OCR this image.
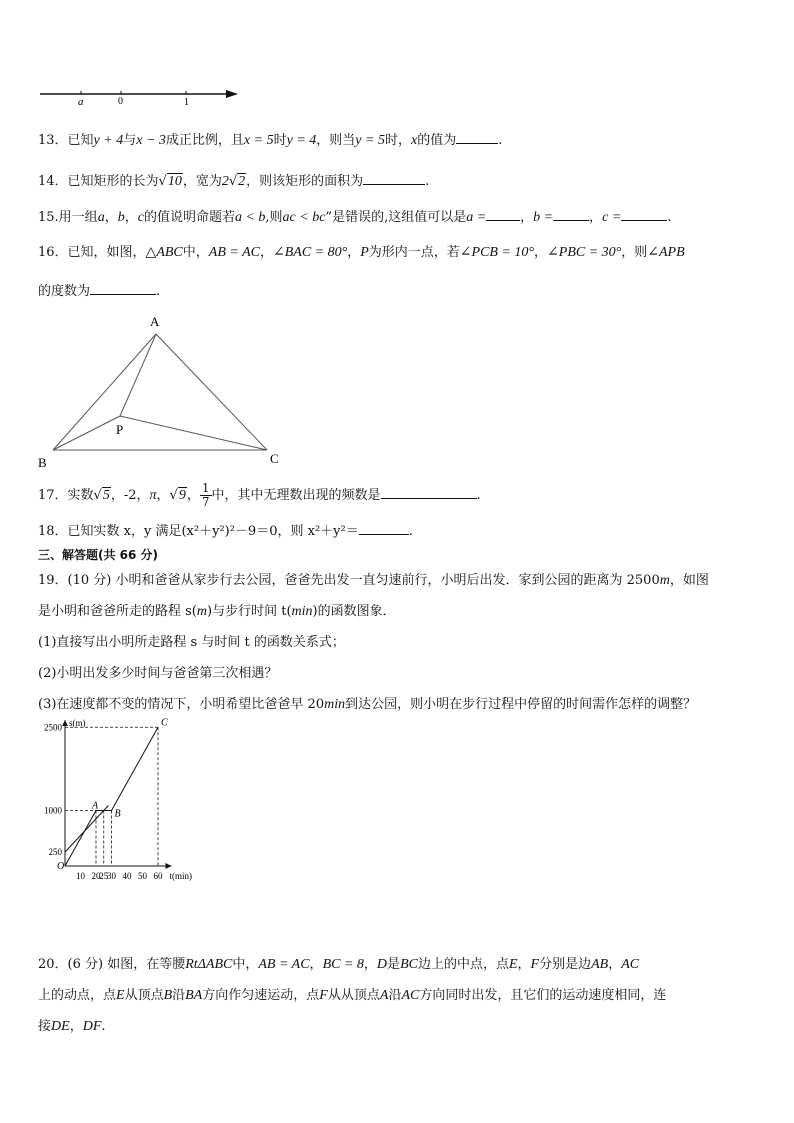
a	0	1
13．已知y + 4与x − 3成正比例，且x = 5时y = 4，则当y = 5时，x的值为	.
14．已知矩形的长为√10，宽为2√2，则该矩形的面积为	.
15.用一组a，b，c的值说明命题若a < b,则ac < bc”是错误的,这组值可以是a =	，b =	，c =	.
16．已知，如图，△ABC中，AB = AC，∠BAC = 80°，P为形内一点，若∠PCB = 10°，∠PBC = 30°，则∠APB
的度数为	.
A
B	C
P
17．实数√5，-2，π，√9， $\frac{1}{7}$ 中，其中无理数出现的频数是	.
18．已知实数 x，y 满足(x²＋y²)²－9＝0，则 x²＋y²＝	.
三、解答题(共 66 分)
19．(10 分) 小明和爸爸从家步行去公园，爸爸先出发一直匀速前行，小明后出发．家到公园的距离为 2500m，如图
是小明和爸爸所走的路程 s(m)与步行时间 t(min)的函数图象．
(1)直接写出小明所走路程 s 与时间 t 的函数关系式；
(2)小明出发多少时间与爸爸第三次相遇？
(3)在速度都不变的情况下，小明希望比爸爸早 20min到达公园，则小明在步行过程中停留的时间需作怎样的调整？
10 20
25
30 40 50 60
250
1000
2500
t(min)
s(m)
O
A
B
C
20．(6 分) 如图，在等腰RtΔABC中，AB = AC，BC = 8，D是BC边上的中点，点E，F分别是边AB，AC
上的动点，点E从顶点B沿BA方向作匀速运动，点F从从顶点A沿AC方向同时出发，且它们的运动速度相同，连
接DE，DF.
